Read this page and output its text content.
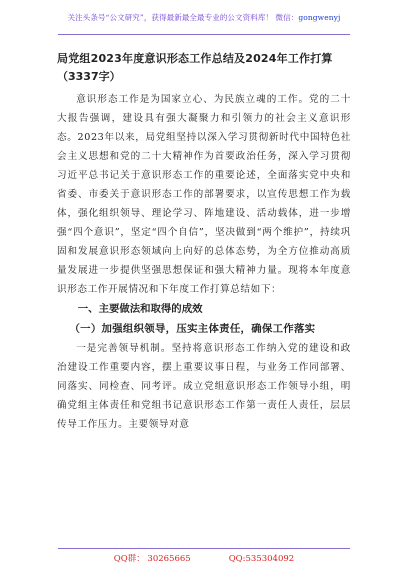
关注头条号“公文研究”，获得最新最全最专业的公文资料库！ 微信：gongwenyj

局党组2023年度意识形态工作总结及2024年工作打算

（3337字）

意识形态工作是为国家立心、为民族立魂的工作。党的二十大报告强调，建设具有强大凝聚力和引领力的社会主义意识形态。2023年以来，局党组坚持以深入学习贯彻新时代中国特色社会主义思想和党的二十大精神作为首要政治任务，深入学习贯彻习近平总书记关于意识形态工作的重要论述，全面落实党中央和省委、市委关于意识形态工作的部署要求，以宣传思想工作为载体，强化组织领导、理论学习、阵地建设、活动载体，进一步增强“四个意识”，坚定“四个自信”，坚决做到“两个维护”，持续巩固和发展意识形态领域向上向好的总体态势，为全方位推动高质量发展进一步提供坚强思想保证和强大精神力量。现将本年度意识形态工作开展情况和下年度工作打算总结如下：

一、主要做法和取得的成效

（一）加强组织领导，压实主体责任，确保工作落实

一是完善领导机制。坚持将意识形态工作纳入党的建设和政治建设工作重要内容，摆上重要议事日程，与业务工作同部署、同落实、同检查、同考评。成立党组意识形态工作领导小组，明确党组主体责任和党组书记意识形态工作第一责任人责任，层层传导工作压力。主要领导对意

QQ群： 30265665	QQ:535304092
